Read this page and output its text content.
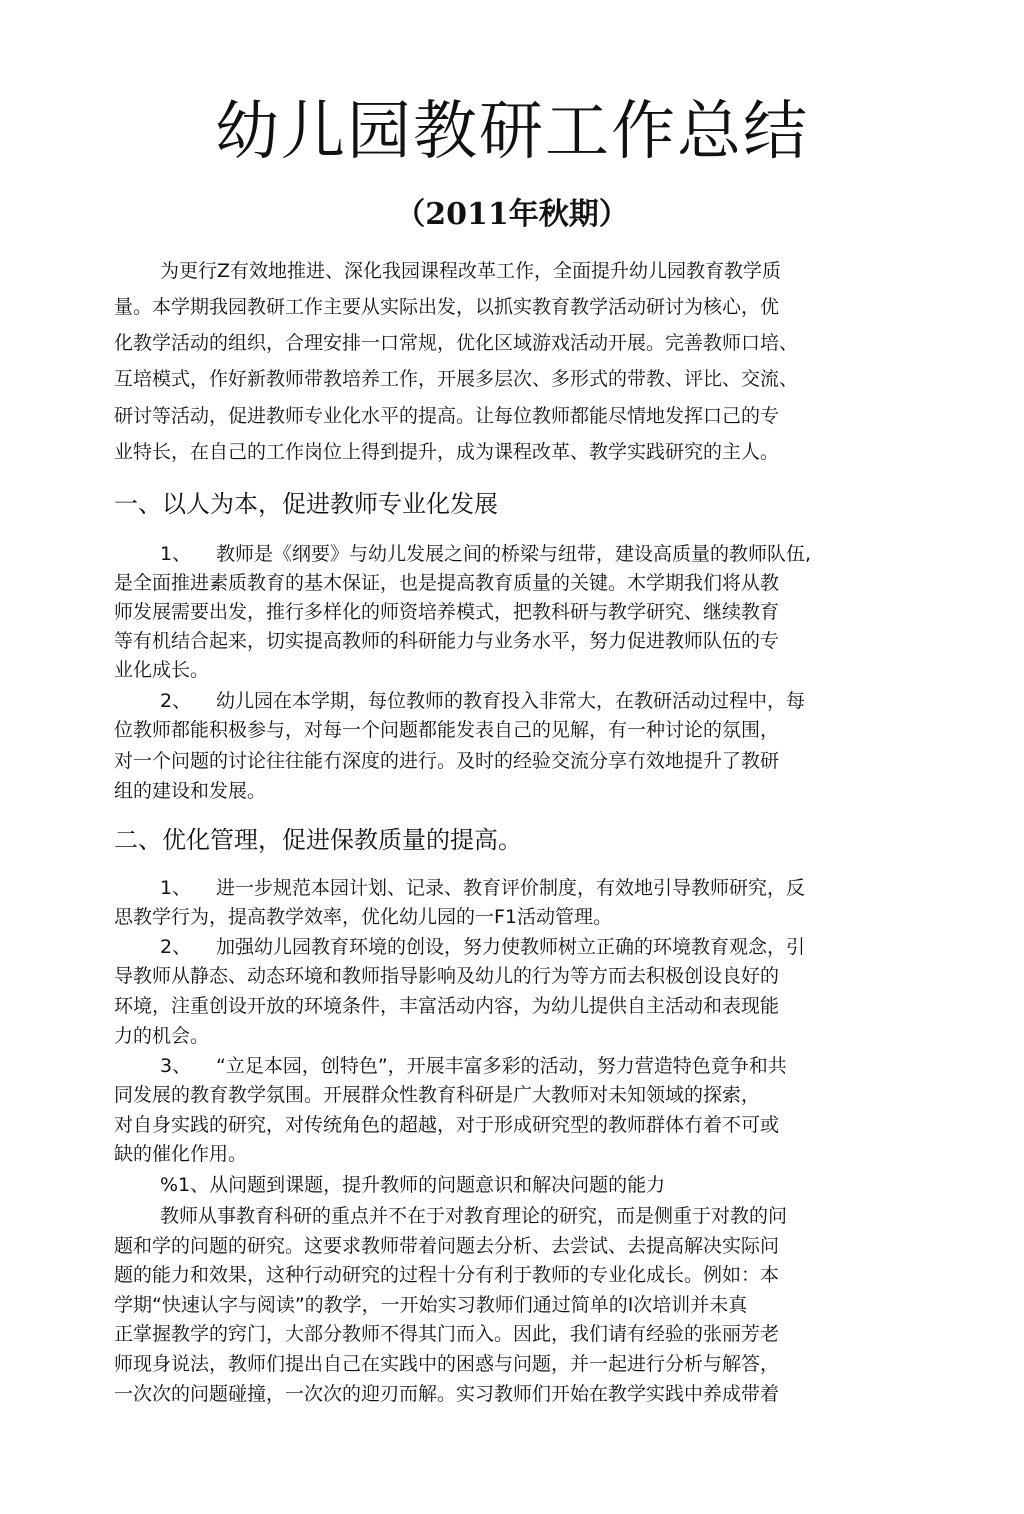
幼儿园教研工作总结
（2011年秋期）
为更行Z有效地推进、深化我园课程改革工作，全面提升幼儿园教育教学质
量。本学期我园教研工作主要从实际出发，以抓实教育教学活动研讨为核心，优
化教学活动的组织，合理安排一口常规，优化区域游戏活动开展。完善教师口培、
互培模式，作好新教师带教培养工作，开展多层次、多形式的带教、评比、交流、
研讨等活动，促进教师专业化水平的提高。让每位教师都能尽情地发挥口己的专
业特长，在自己的工作岗位上得到提升，成为课程改革、教学实践研究的主人。
一、以人为本，促进教师专业化发展
1、 教师是《纲要》与幼儿发展之间的桥梁与纽带，建设高质量的教师队伍,
是全面推进素质教育的基木保证，也是提高教育质量的关键。木学期我们将从教
师发展需要出发，推行多样化的师资培养模式，把教科研与教学研究、继续教育
等有机结合起来，切实提高教师的科研能力与业务水平，努力促进教师队伍的专
业化成长。
2、 幼儿园在本学期，每位教师的教育投入非常大，在教研活动过程中，每
位教师都能积极参与，对每一个问题都能发表自己的见解，有一种讨论的氛围，
对一个问题的讨论往往能冇深度的进行。及时的经验交流分享冇效地提升了教研
组的建设和发展。
二、优化管理，促进保教质量的提高。
1、 进一步规范本园计划、记录、教育评价制度，有效地引导教师研究，反
思教学行为，提高教学效率，优化幼儿园的一F1活动管理。
2、 加强幼儿园教育环境的创设，努力使教师树立正确的环境教育观念，引
导教师从静态、动态环境和教师指导影响及幼儿的行为等方而去积极创设良好的
环境，注重创设开放的环境条件，丰富活动内容，为幼儿提供自主活动和表现能
力的机会。
3、 “立足本园，创特色”，开展丰富多彩的活动，努力营造特色竟争和共
同发展的教育教学氛围。开展群众性教育科研是广大教师对未知领域的探索，
对自身实践的研究，对传统角色的超越，对于形成研究型的教师群体冇着不可或
缺的催化作用。
%1、从问题到课题，提升教师的问题意识和解决问题的能力
教师从事教育科研的重点并不在于对教育理论的研究，而是侧重于对教的问
题和学的问题的研究。这要求教师带着问题去分析、去尝试、去提高解决实际问
题的能力和效果，这种行动研究的过程十分有利于教师的专业化成长。例如：本
学期“快速认字与阅读”的教学，一开始实习教师们通过简单的I次培训并未真
正掌握教学的窍门，大部分教师不得其门而入。因此，我们请有经验的张丽芳老
师现身说法，教师们提出自己在实践中的困惑与问题，并一起进行分析与解答，
一次次的问题碰撞，一次次的迎刃而解。实习教师们开始在教学实践中养成带着
